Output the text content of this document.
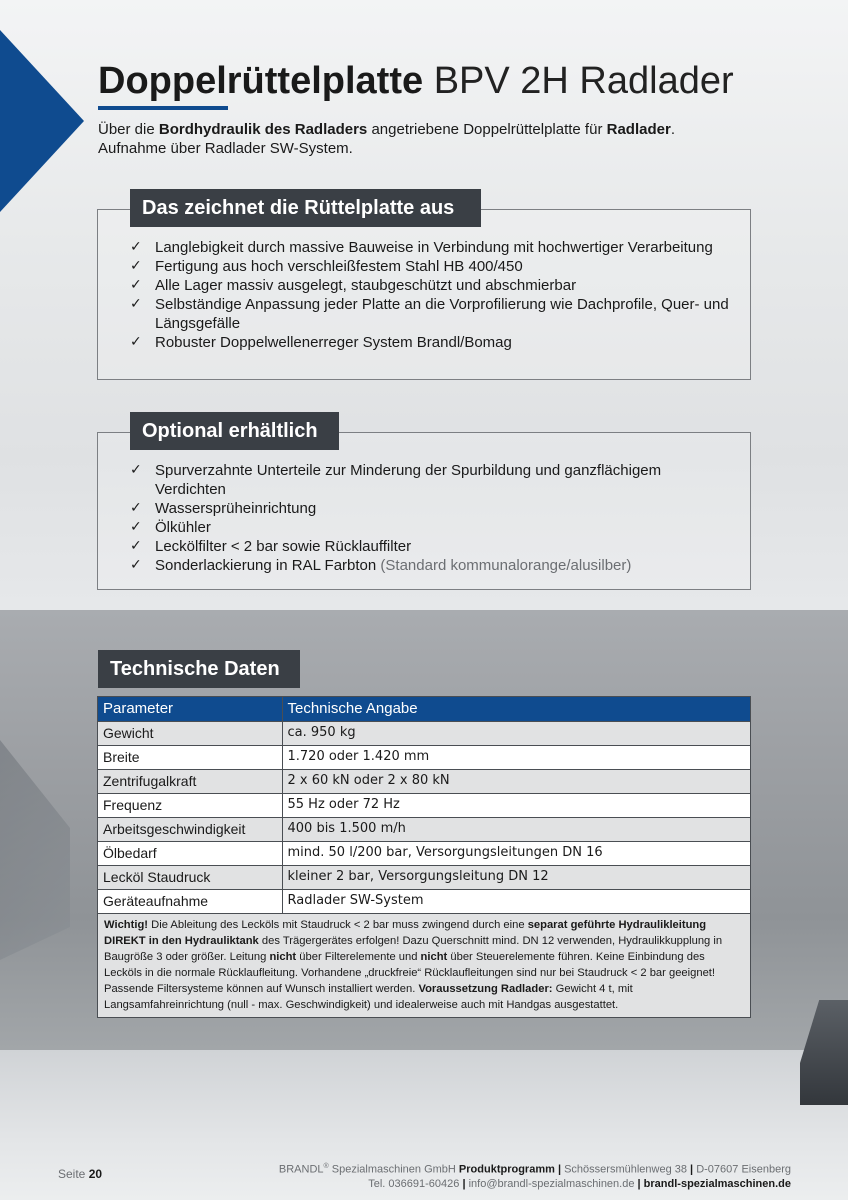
Doppelrüttelplatte BPV 2H Radlader
Über die Bordhydraulik des Radladers angetriebene Doppelrüttelplatte für Radlader.
Aufnahme über Radlader SW-System.
Das zeichnet die Rüttelplatte aus
✓ Langlebigkeit durch massive Bauweise in Verbindung mit hochwertiger Verarbeitung
✓ Fertigung aus hoch verschleißfestem Stahl HB 400/450
✓ Alle Lager massiv ausgelegt, staubgeschützt und abschmierbar
✓ Selbständige Anpassung jeder Platte an die Vorprofilierung wie Dachprofile, Quer- und Längsgefälle
✓ Robuster Doppelwellenerreger System Brandl/Bomag
Optional erhältlich
✓ Spurverzahnte Unterteile zur Minderung der Spurbildung und ganzflächigem Verdichten
✓ Wassersprüheinrichtung
✓ Ölkühler
✓ Leckölfilter < 2 bar sowie Rücklauffilter
✓ Sonderlackierung in RAL Farbton (Standard kommunalorange/alusilber)
Technische Daten
Parameter	Technische Angabe
Gewicht	ca. 950 kg
Breite	1.720 oder 1.420 mm
Zentrifugalkraft	2 x 60 kN oder 2 x 80 kN
Frequenz	55 Hz oder 72 Hz
Arbeitsgeschwindigkeit	400 bis 1.500 m/h
Ölbedarf	mind. 50 l/200 bar, Versorgungsleitungen DN 16
Lecköl Staudruck	kleiner 2 bar, Versorgungsleitung DN 12
Geräteaufnahme	Radlader SW-System
Wichtig! Die Ableitung des Lecköls mit Staudruck < 2 bar muss zwingend durch eine separat geführte Hydraulikleitung DIREKT in den Hydrauliktank des Trägergerätes erfolgen! Dazu Querschnitt mind. DN 12 verwenden, Hydraulikkupplung in Baugröße 3 oder größer. Leitung nicht über Filterelemente und nicht über Steuerelemente führen. Keine Einbindung des Lecköls in die normale Rücklaufleitung. Vorhandene „druckfreie“ Rücklaufleitungen sind nur bei Staudruck < 2 bar geeignet! Passende Filtersysteme können auf Wunsch installiert werden. Voraussetzung Radlader: Gewicht 4 t, mit Langsamfahreinrichtung (null - max. Geschwindigkeit) und idealerweise auch mit Handgas ausgestattet.
Seite 20	BRANDL® Spezialmaschinen GmbH Produktprogramm | Schössersmühlenweg 38 | D-07607 Eisenberg
Tel. 036691-60426 | info@brandl-spezialmaschinen.de | brandl-spezialmaschinen.de
